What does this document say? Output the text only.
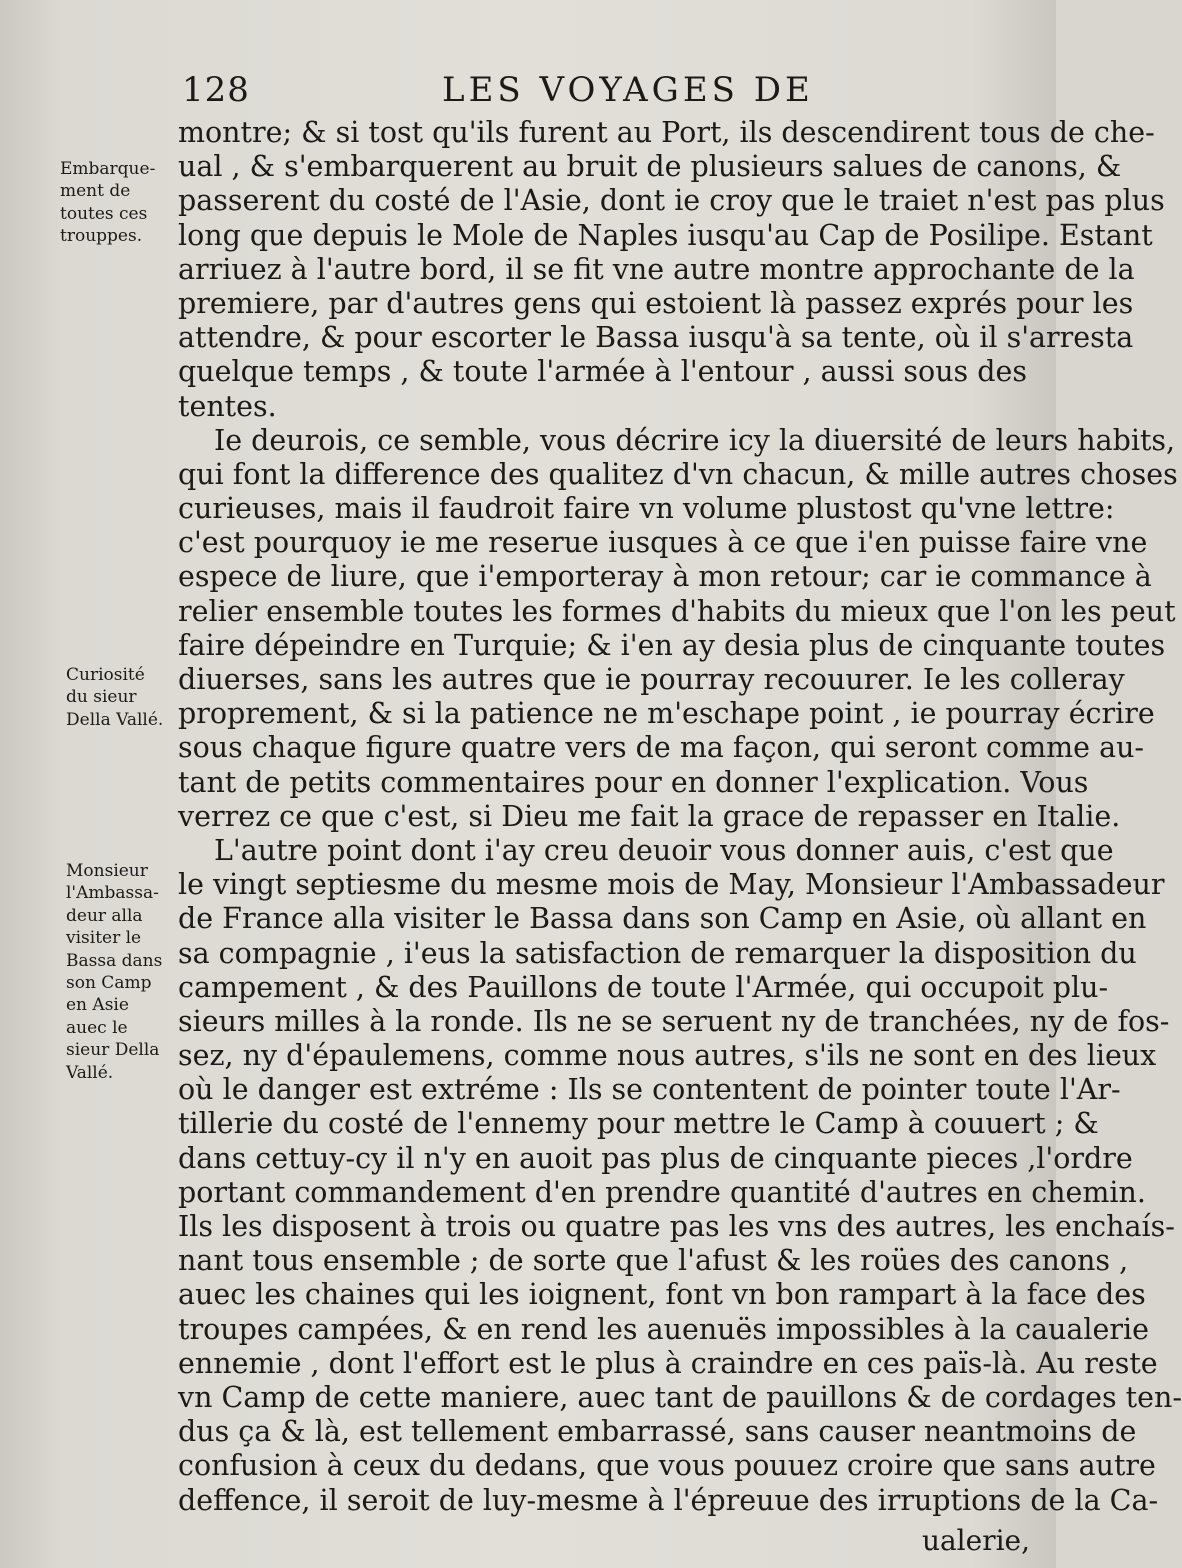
128	LES VOYAGES DE
Embarque-
ment de
toutes ces
trouppes.
Curiosité
du sieur
Della Vallé.
Monsieur
l'Ambassa-
deur alla
visiter le
Bassa dans
son Camp
en Asie
auec le
sieur Della
Vallé.
montre; & si tost qu'ils furent au Port, ils descendirent tous de che-
ual , & s'embarquerent au bruit de plusieurs salues de canons, &
passerent du costé de l'Asie, dont ie croy que le traiet n'est pas plus
long que depuis le Mole de Naples iusqu'au Cap de Posilipe. Estant
arriuez à l'autre bord, il se fit vne autre montre approchante de la
premiere, par d'autres gens qui estoient là passez exprés pour les
attendre, & pour escorter le Bassa iusqu'à sa tente, où il s'arresta
quelque temps , & toute l'armée à l'entour , aussi sous des
tentes.
Ie deurois, ce semble, vous décrire icy la diuersité de leurs habits,
qui font la difference des qualitez d'vn chacun, & mille autres choses
curieuses, mais il faudroit faire vn volume plustost qu'vne lettre:
c'est pourquoy ie me reserue iusques à ce que i'en puisse faire vne
espece de liure, que i'emporteray à mon retour; car ie commance à
relier ensemble toutes les formes d'habits du mieux que l'on les peut
faire dépeindre en Turquie; & i'en ay desia plus de cinquante toutes
diuerses, sans les autres que ie pourray recouurer. Ie les colleray
proprement, & si la patience ne m'eschape point , ie pourray écrire
sous chaque figure quatre vers de ma façon, qui seront comme au-
tant de petits commentaires pour en donner l'explication. Vous
verrez ce que c'est, si Dieu me fait la grace de repasser en Italie.
L'autre point dont i'ay creu deuoir vous donner auis, c'est que
le vingt septiesme du mesme mois de May, Monsieur l'Ambassadeur
de France alla visiter le Bassa dans son Camp en Asie, où allant en
sa compagnie , i'eus la satisfaction de remarquer la disposition du
campement , & des Pauillons de toute l'Armée, qui occupoit plu-
sieurs milles à la ronde. Ils ne se seruent ny de tranchées, ny de fos-
sez, ny d'épaulemens, comme nous autres, s'ils ne sont en des lieux
où le danger est extréme : Ils se contentent de pointer toute l'Ar-
tillerie du costé de l'ennemy pour mettre le Camp à couuert ; &
dans cettuy-cy il n'y en auoit pas plus de cinquante pieces ,l'ordre
portant commandement d'en prendre quantité d'autres en chemin.
Ils les disposent à trois ou quatre pas les vns des autres, les enchaís-
nant tous ensemble ; de sorte que l'afust & les roües des canons ,
auec les chaines qui les ioignent, font vn bon rampart à la face des
troupes campées, & en rend les auenuës impossibles à la caualerie
ennemie , dont l'effort est le plus à craindre en ces païs-là. Au reste
vn Camp de cette maniere, auec tant de pauillons & de cordages ten-
dus ça & là, est tellement embarrassé, sans causer neantmoins de
confusion à ceux du dedans, que vous pouuez croire que sans autre
deffence, il seroit de luy-mesme à l'épreuue des irruptions de la Ca-
ualerie,
